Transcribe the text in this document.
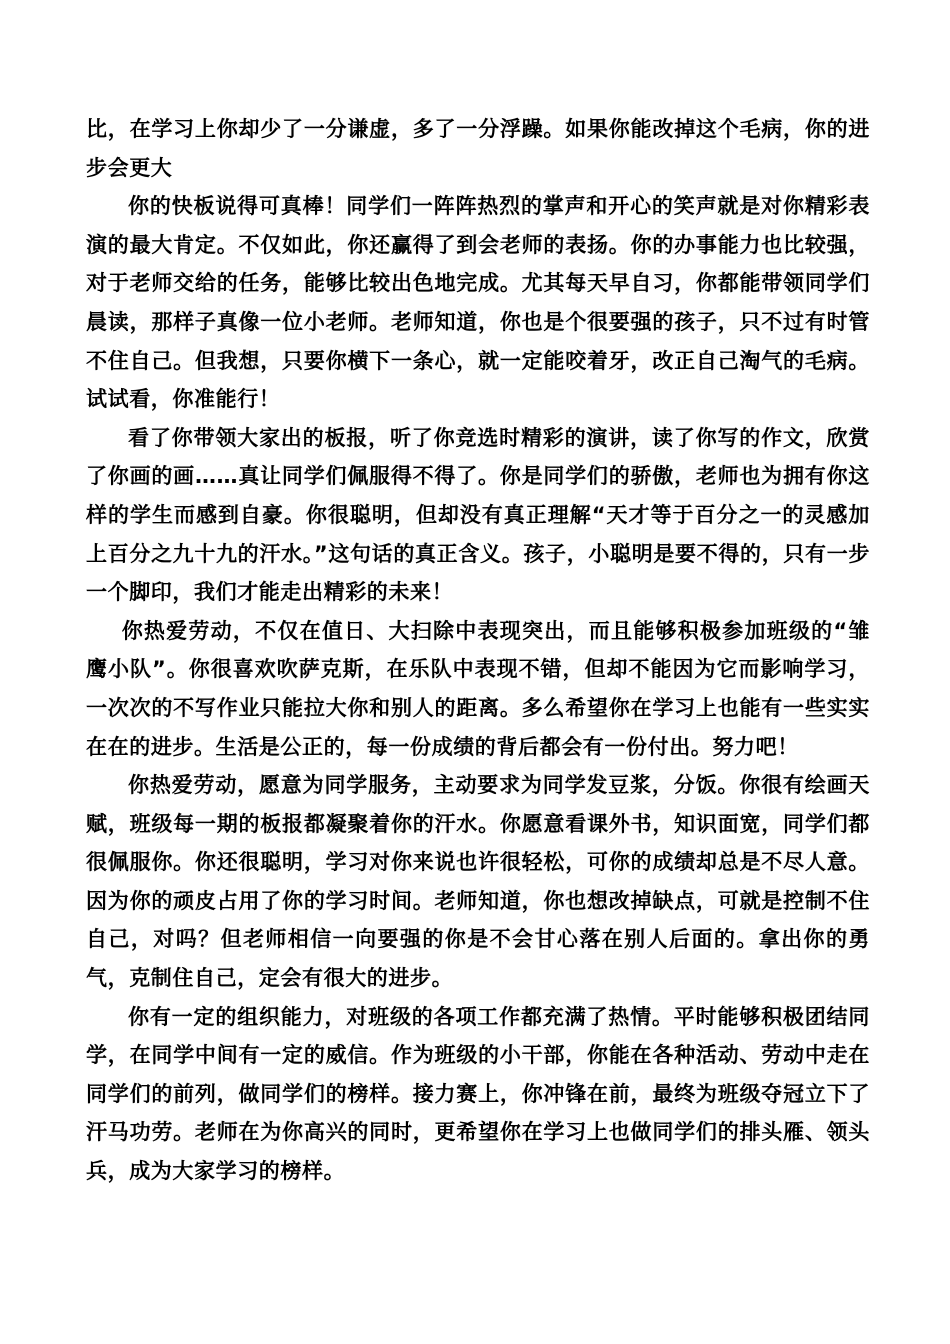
比，在学习上你却少了一分谦虚，多了一分浮躁。如果你能改掉这个毛病，你的进步会更大

你的快板说得可真棒！同学们一阵阵热烈的掌声和开心的笑声就是对你精彩表演的最大肯定。不仅如此，你还赢得了到会老师的表扬。你的办事能力也比较强，对于老师交给的任务，能够比较出色地完成。尤其每天早自习，你都能带领同学们晨读，那样子真像一位小老师。老师知道，你也是个很要强的孩子，只不过有时管不住自己。但我想，只要你横下一条心，就一定能咬着牙，改正自己淘气的毛病。试试看，你准能行！

看了你带领大家出的板报，听了你竞选时精彩的演讲，读了你写的作文，欣赏了你画的画……真让同学们佩服得不得了。你是同学们的骄傲，老师也为拥有你这样的学生而感到自豪。你很聪明，但却没有真正理解“天才等于百分之一的灵感加上百分之九十九的汗水。”这句话的真正含义。孩子，小聪明是要不得的，只有一步一个脚印，我们才能走出精彩的未来！

你热爱劳动，不仅在值日、大扫除中表现突出，而且能够积极参加班级的“雏鹰小队”。你很喜欢吹萨克斯，在乐队中表现不错，但却不能因为它而影响学习，一次次的不写作业只能拉大你和别人的距离。多么希望你在学习上也能有一些实实在在的进步。生活是公正的，每一份成绩的背后都会有一份付出。努力吧！

你热爱劳动，愿意为同学服务，主动要求为同学发豆浆，分饭。你很有绘画天赋，班级每一期的板报都凝聚着你的汗水。你愿意看课外书，知识面宽，同学们都很佩服你。你还很聪明，学习对你来说也许很轻松，可你的成绩却总是不尽人意。因为你的顽皮占用了你的学习时间。老师知道，你也想改掉缺点，可就是控制不住自己，对吗？但老师相信一向要强的你是不会甘心落在别人后面的。拿出你的勇气，克制住自己，定会有很大的进步。

你有一定的组织能力，对班级的各项工作都充满了热情。平时能够积极团结同学，在同学中间有一定的威信。作为班级的小干部，你能在各种活动、劳动中走在同学们的前列，做同学们的榜样。接力赛上，你冲锋在前，最终为班级夺冠立下了汗马功劳。老师在为你高兴的同时，更希望你在学习上也做同学们的排头雁、领头兵，成为大家学习的榜样。
